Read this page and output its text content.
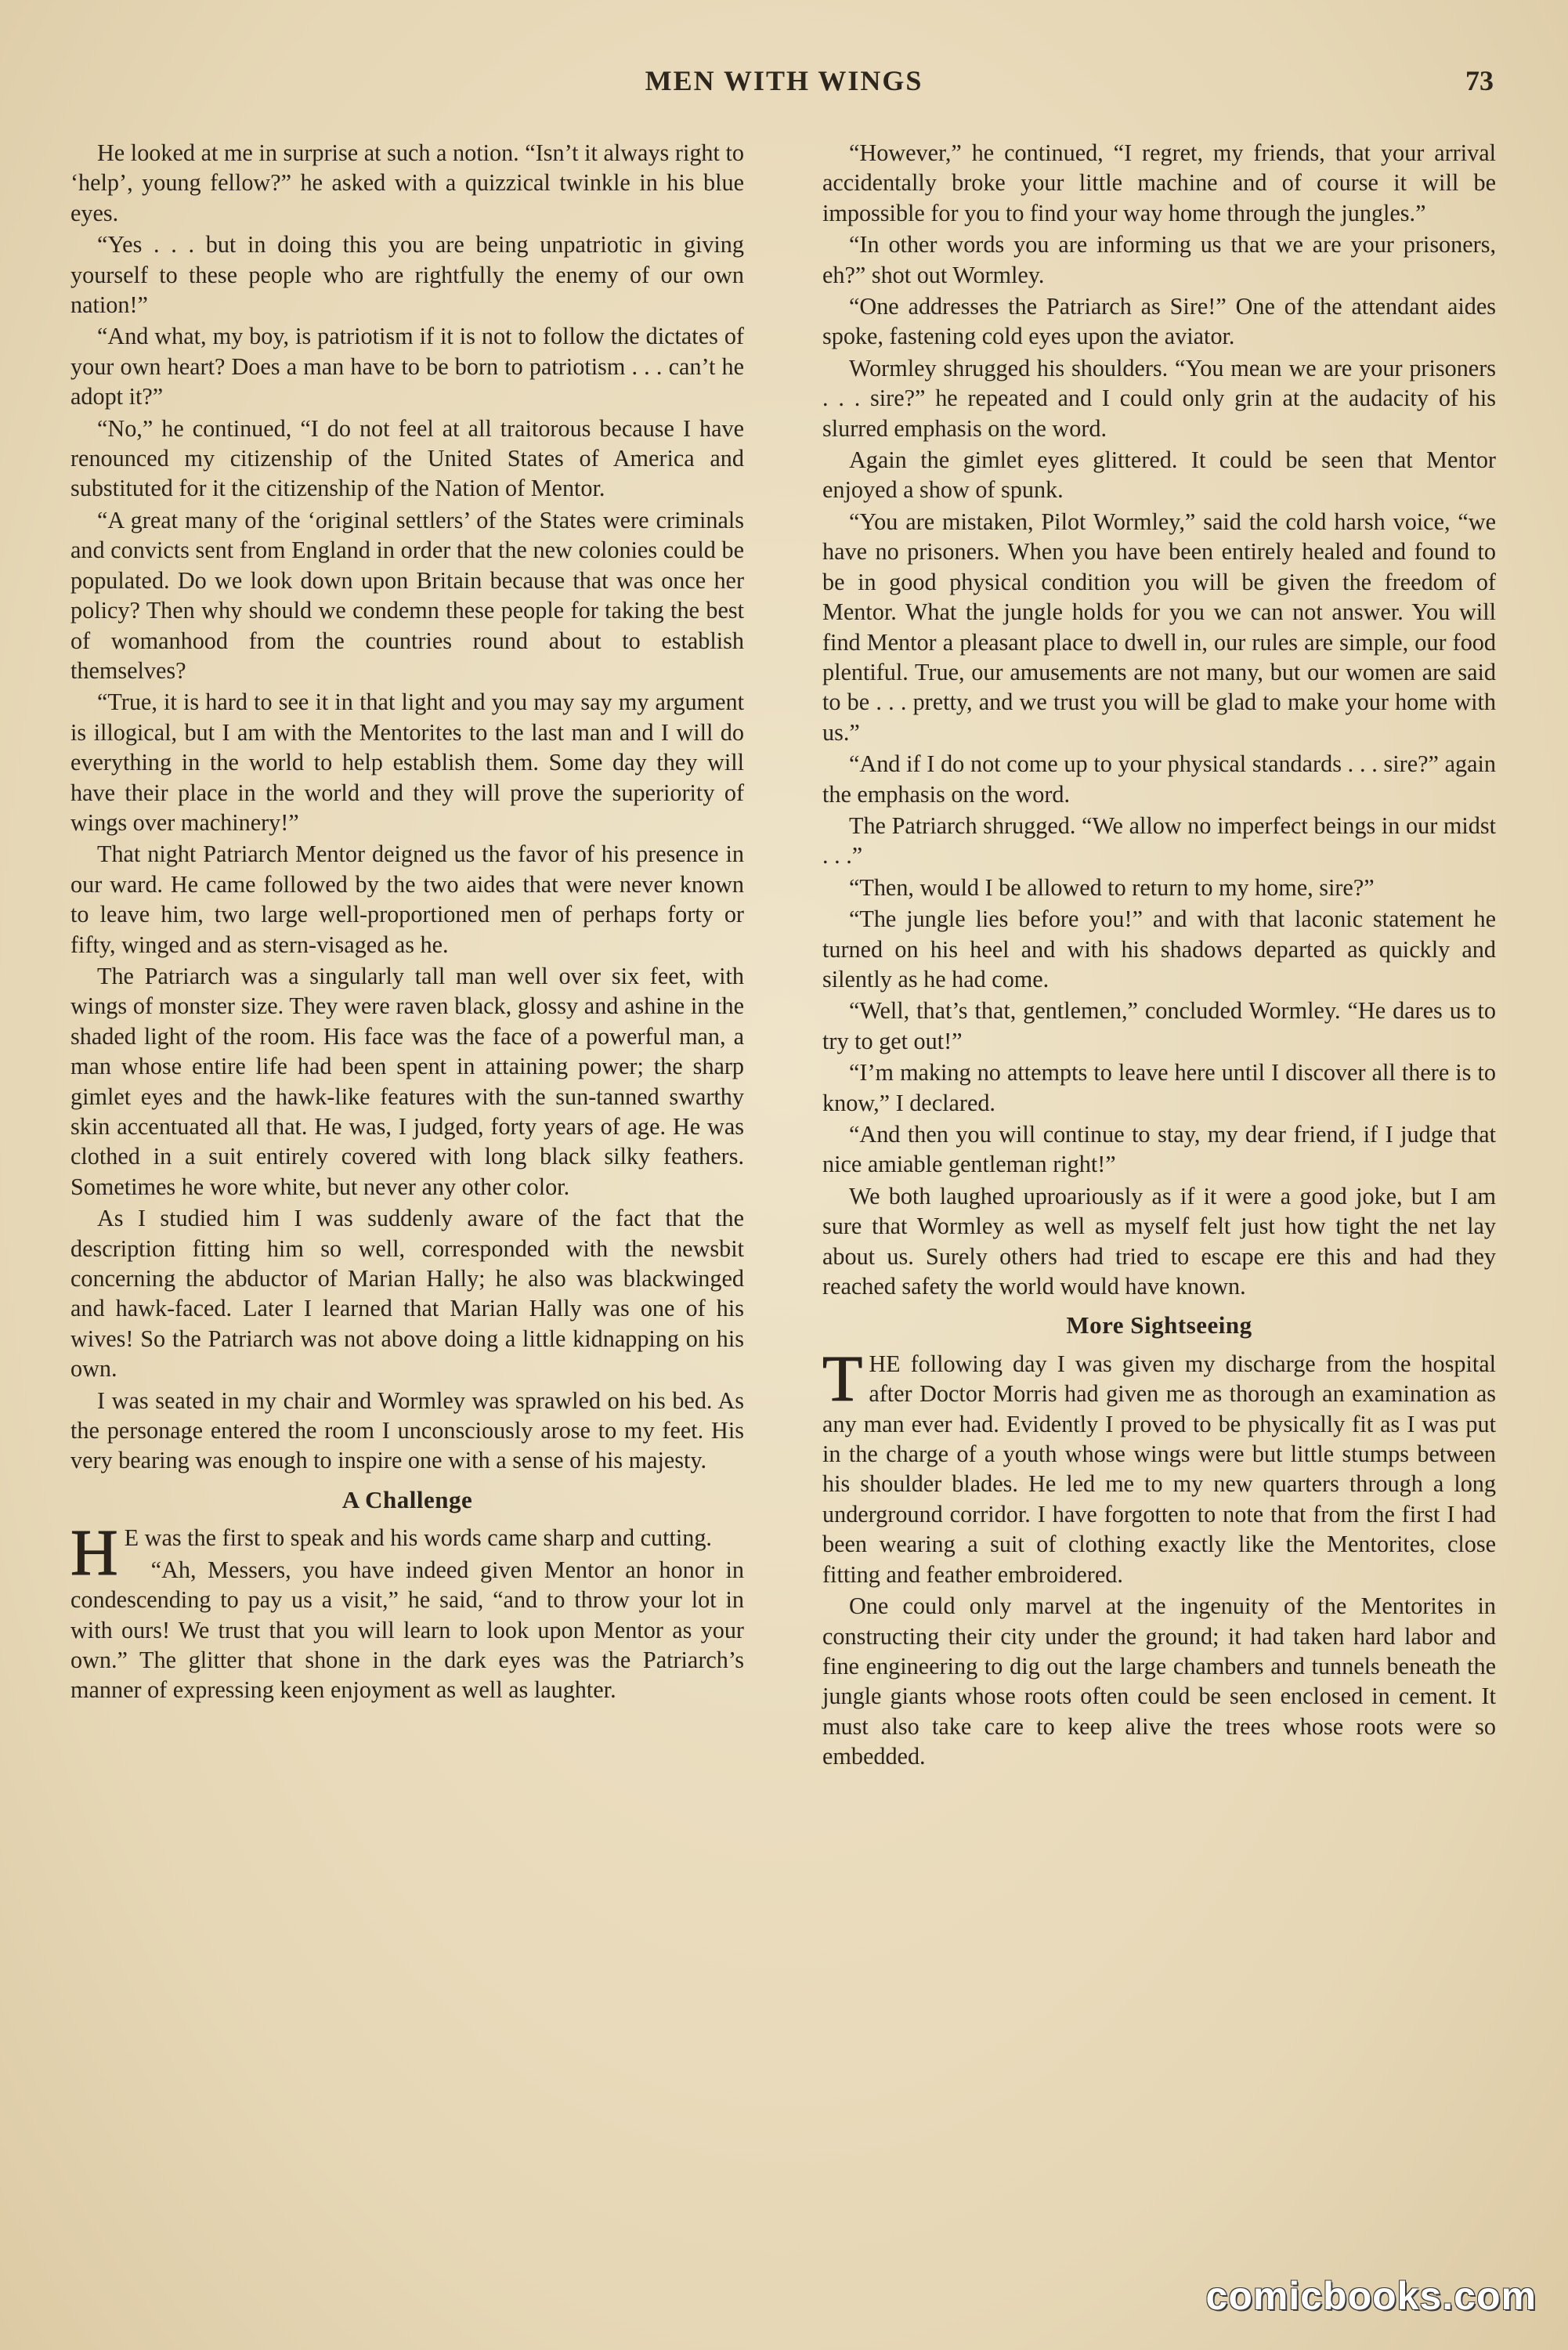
MEN WITH WINGS	73

He looked at me in surprise at such a notion. “Isn’t it always right to ‘help’, young fellow?” he asked with a quizzical twinkle in his blue eyes.

“Yes . . . but in doing this you are being unpatriotic in giving yourself to these people who are rightfully the enemy of our own nation!”

“And what, my boy, is patriotism if it is not to follow the dictates of your own heart? Does a man have to be born to patriotism . . . can’t he adopt it?”

“No,” he continued, “I do not feel at all traitorous because I have renounced my citizenship of the United States of America and substituted for it the citizenship of the Nation of Mentor.

“A great many of the ‘original settlers’ of the States were criminals and convicts sent from England in order that the new colonies could be populated. Do we look down upon Britain because that was once her policy? Then why should we condemn these people for taking the best of womanhood from the countries round about to establish themselves?

“True, it is hard to see it in that light and you may say my argument is illogical, but I am with the Mentorites to the last man and I will do everything in the world to help establish them. Some day they will have their place in the world and they will prove the superiority of wings over machinery!”

That night Patriarch Mentor deigned us the favor of his presence in our ward. He came followed by the two aides that were never known to leave him, two large well-proportioned men of perhaps forty or fifty, winged and as stern-visaged as he.

The Patriarch was a singularly tall man well over six feet, with wings of monster size. They were raven black, glossy and ashine in the shaded light of the room. His face was the face of a powerful man, a man whose entire life had been spent in attaining power; the sharp gimlet eyes and the hawk-like features with the sun-tanned swarthy skin accentuated all that. He was, I judged, forty years of age. He was clothed in a suit entirely covered with long black silky feathers. Sometimes he wore white, but never any other color.

As I studied him I was suddenly aware of the fact that the description fitting him so well, corresponded with the newsbit concerning the abductor of Marian Hally; he also was blackwinged and hawk-faced. Later I learned that Marian Hally was one of his wives! So the Patriarch was not above doing a little kidnapping on his own.

I was seated in my chair and Wormley was sprawled on his bed. As the personage entered the room I unconsciously arose to my feet. His very bearing was enough to inspire one with a sense of his majesty.

A Challenge

H E was the first to speak and his words came sharp and cutting.

“Ah, Messers, you have indeed given Mentor an honor in condescending to pay us a visit,” he said, “and to throw your lot in with ours! We trust that you will learn to look upon Mentor as your own.” The glitter that shone in the dark eyes was the Patriarch’s manner of expressing keen enjoyment as well as laughter.

“However,” he continued, “I regret, my friends, that your arrival accidentally broke your little machine and of course it will be impossible for you to find your way home through the jungles.”

“In other words you are informing us that we are your prisoners, eh?” shot out Wormley.

“One addresses the Patriarch as Sire!” One of the attendant aides spoke, fastening cold eyes upon the aviator.

Wormley shrugged his shoulders. “You mean we are your prisoners . . . sire?” he repeated and I could only grin at the audacity of his slurred emphasis on the word.

Again the gimlet eyes glittered. It could be seen that Mentor enjoyed a show of spunk.

“You are mistaken, Pilot Wormley,” said the cold harsh voice, “we have no prisoners. When you have been entirely healed and found to be in good physical condition you will be given the freedom of Mentor. What the jungle holds for you we can not answer. You will find Mentor a pleasant place to dwell in, our rules are simple, our food plentiful. True, our amusements are not many, but our women are said to be . . . pretty, and we trust you will be glad to make your home with us.”

“And if I do not come up to your physical standards . . . sire?” again the emphasis on the word.

The Patriarch shrugged. “We allow no imperfect beings in our midst . . .”

“Then, would I be allowed to return to my home, sire?”

“The jungle lies before you!” and with that laconic statement he turned on his heel and with his shadows departed as quickly and silently as he had come.

“Well, that’s that, gentlemen,” concluded Wormley. “He dares us to try to get out!”

“I’m making no attempts to leave here until I discover all there is to know,” I declared.

“And then you will continue to stay, my dear friend, if I judge that nice amiable gentleman right!”

We both laughed uproariously as if it were a good joke, but I am sure that Wormley as well as myself felt just how tight the net lay about us. Surely others had tried to escape ere this and had they reached safety the world would have known.

More Sightseeing

THE following day I was given my discharge from the hospital after Doctor Morris had given me as thorough an examination as any man ever had. Evidently I proved to be physically fit as I was put in the charge of a youth whose wings were but little stumps between his shoulder blades. He led me to my new quarters through a long underground corridor. I have forgotten to note that from the first I had been wearing a suit of clothing exactly like the Mentorites, close fitting and feather embroidered.

One could only marvel at the ingenuity of the Mentorites in constructing their city under the ground; it had taken hard labor and fine engineering to dig out the large chambers and tunnels beneath the jungle giants whose roots often could be seen enclosed in cement. It must also take care to keep alive the trees whose roots were so embedded.

comicbooks.com
